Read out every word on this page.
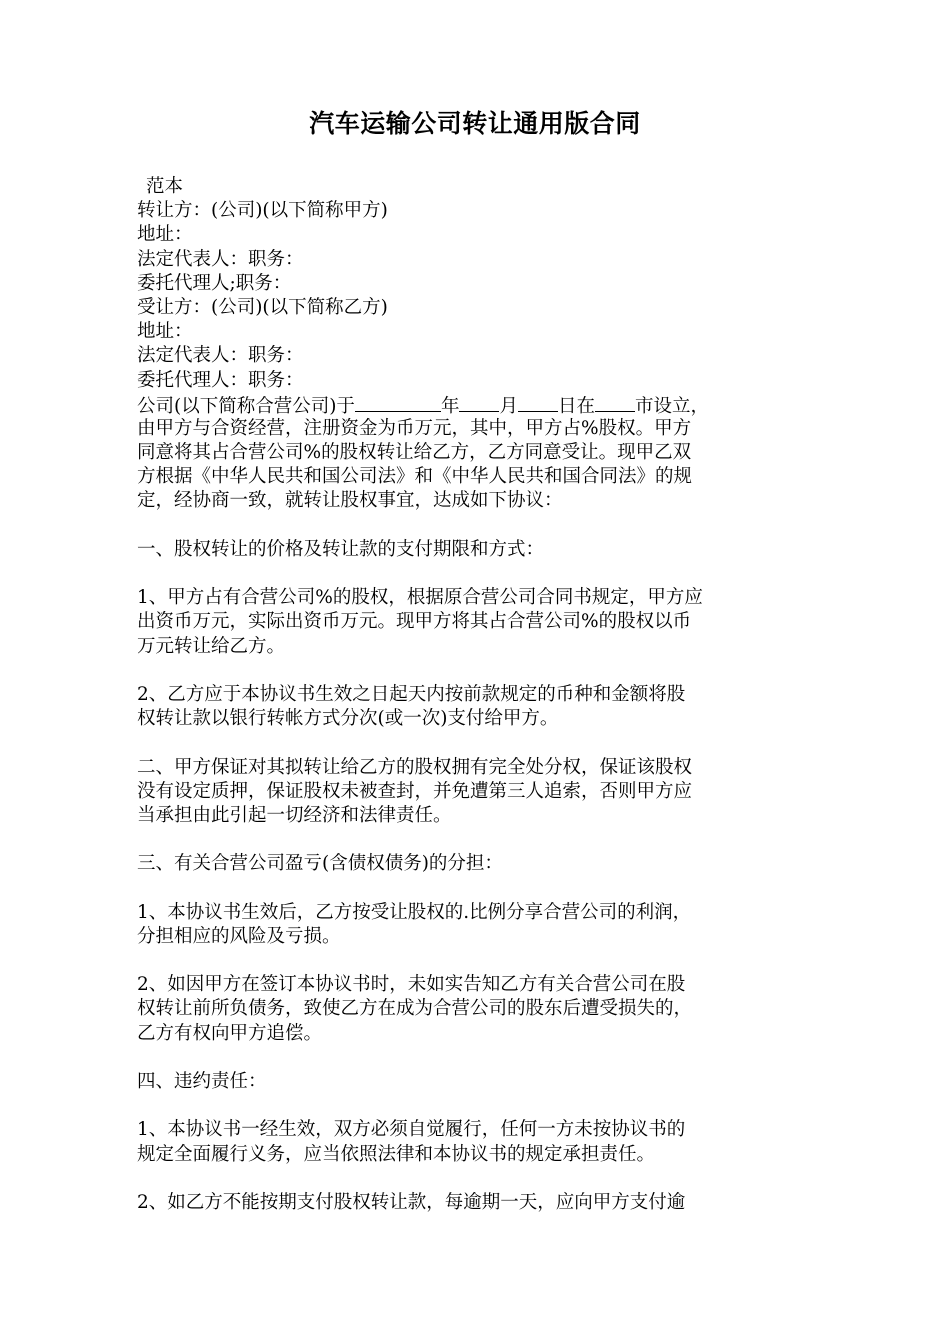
汽车运输公司转让通用版合同
范本
转让方：(公司)(以下简称甲方)
地址：
法定代表人：职务：
委托代理人;职务：
受让方：(公司)(以下简称乙方)
地址：
法定代表人：职务：
委托代理人：职务：
公司(以下简称合营公司)于	年 月 日在 市设立，
由甲方与合资经营，注册资金为币万元，其中，甲方占%股权。甲方
同意将其占合营公司%的股权转让给乙方，乙方同意受让。现甲乙双
方根据《中华人民共和国公司法》和《中华人民共和国合同法》的规
定，经协商一致，就转让股权事宜，达成如下协议：
一、股权转让的价格及转让款的支付期限和方式：
1、甲方占有合营公司%的股权，根据原合营公司合同书规定，甲方应
出资币万元，实际出资币万元。现甲方将其占合营公司%的股权以币
万元转让给乙方。
2、乙方应于本协议书生效之日起天内按前款规定的币种和金额将股
权转让款以银行转帐方式分次(或一次)支付给甲方。
二、甲方保证对其拟转让给乙方的股权拥有完全处分权，保证该股权
没有设定质押，保证股权未被查封，并免遭第三人追索，否则甲方应
当承担由此引起一切经济和法律责任。
三、有关合营公司盈亏(含债权债务)的分担：
1、本协议书生效后，乙方按受让股权的.比例分享合营公司的利润，
分担相应的风险及亏损。
2、如因甲方在签订本协议书时，未如实告知乙方有关合营公司在股
权转让前所负债务，致使乙方在成为合营公司的股东后遭受损失的，
乙方有权向甲方追偿。
四、违约责任：
1、本协议书一经生效，双方必须自觉履行，任何一方未按协议书的
规定全面履行义务，应当依照法律和本协议书的规定承担责任。
2、如乙方不能按期支付股权转让款，每逾期一天，应向甲方支付逾
